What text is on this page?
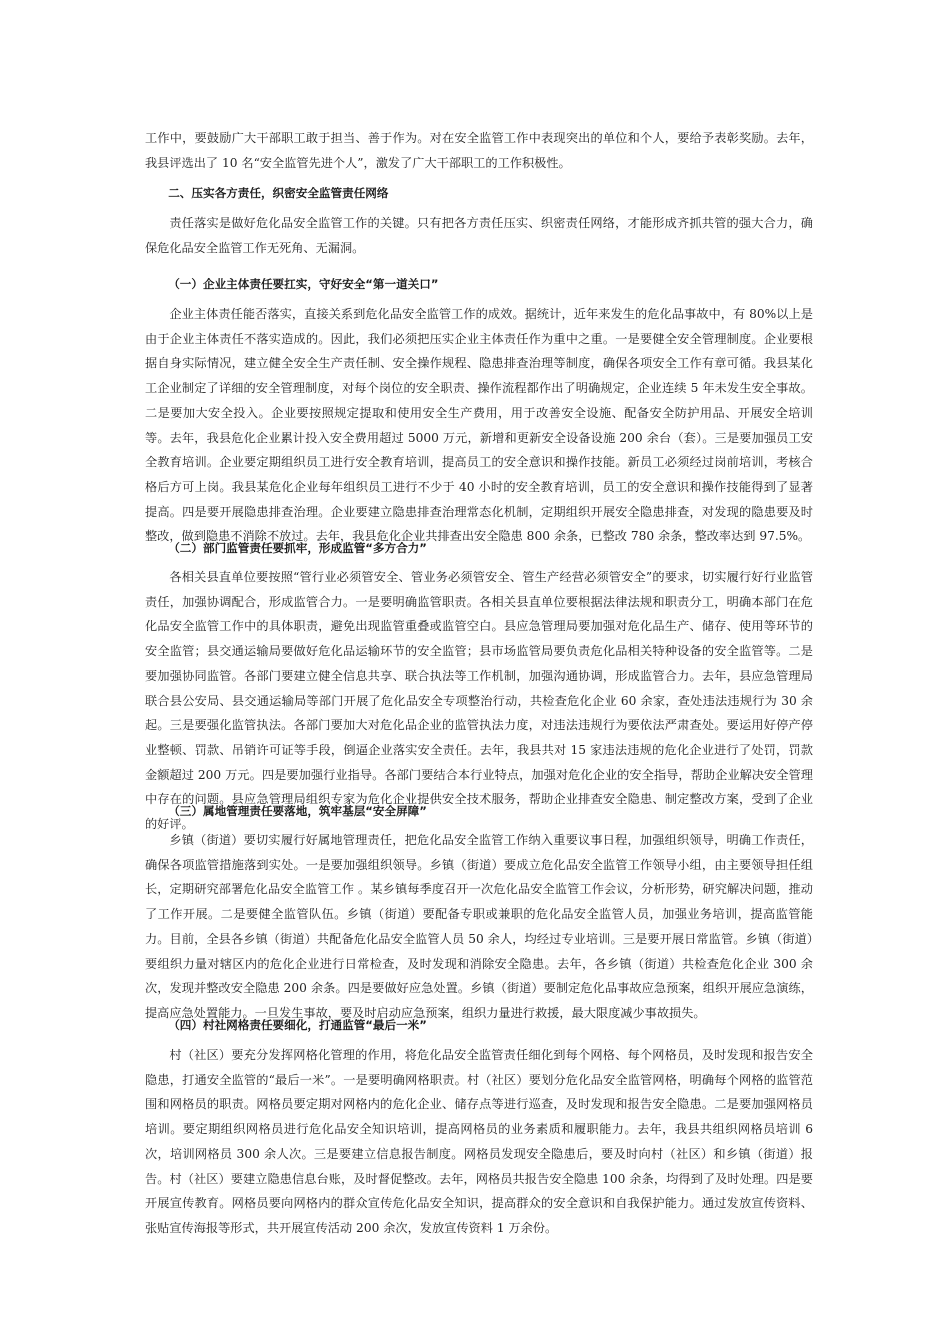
工作中，要鼓励广大干部职工敢于担当、善于作为。对在安全监管工作中表现突出的单位和个人，要给予表彰奖励。去年，我县评选出了 10 名“安全监管先进个人”，激发了广大干部职工的工作积极性。

二、压实各方责任，织密安全监管责任网络

责任落实是做好危化品安全监管工作的关键。只有把各方责任压实、织密责任网络，才能形成齐抓共管的强大合力，确保危化品安全监管工作无死角、无漏洞。

（一）企业主体责任要扛实，守好安全“第一道关口”

企业主体责任能否落实，直接关系到危化品安全监管工作的成效。据统计，近年来发生的危化品事故中，有 80%以上是由于企业主体责任不落实造成的。因此，我们必须把压实企业主体责任作为重中之重。一是要健全安全管理制度。企业要根据自身实际情况，建立健全安全生产责任制、安全操作规程、隐患排查治理等制度，确保各项安全工作有章可循。我县某化工企业制定了详细的安全管理制度，对每个岗位的安全职责、操作流程都作出了明确规定，企业连续 5 年未发生安全事故。二是要加大安全投入。企业要按照规定提取和使用安全生产费用，用于改善安全设施、配备安全防护用品、开展安全培训等。去年，我县危化企业累计投入安全费用超过 5000 万元，新增和更新安全设备设施 200 余台（套）。三是要加强员工安全教育培训。企业要定期组织员工进行安全教育培训，提高员工的安全意识和操作技能。新员工必须经过岗前培训，考核合格后方可上岗。我县某危化企业每年组织员工进行不少于 40 小时的安全教育培训，员工的安全意识和操作技能得到了显著提高。四是要开展隐患排查治理。企业要建立隐患排查治理常态化机制，定期组织开展安全隐患排查，对发现的隐患要及时整改，做到隐患不消除不放过。去年，我县危化企业共排查出安全隐患 800 余条，已整改 780 余条，整改率达到 97.5%。

（二）部门监管责任要抓牢，形成监管“多方合力”

各相关县直单位要按照“管行业必须管安全、管业务必须管安全、管生产经营必须管安全”的要求，切实履行好行业监管责任，加强协调配合，形成监管合力。一是要明确监管职责。各相关县直单位要根据法律法规和职责分工，明确本部门在危化品安全监管工作中的具体职责，避免出现监管重叠或监管空白。县应急管理局要加强对危化品生产、储存、使用等环节的安全监管；县交通运输局要做好危化品运输环节的安全监管；县市场监管局要负责危化品相关特种设备的安全监管等。二是要加强协同监管。各部门要建立健全信息共享、联合执法等工作机制，加强沟通协调，形成监管合力。去年，县应急管理局联合县公安局、县交通运输局等部门开展了危化品安全专项整治行动，共检查危化企业 60 余家，查处违法违规行为 30 余起。三是要强化监管执法。各部门要加大对危化品企业的监管执法力度，对违法违规行为要依法严肃查处。要运用好停产停业整顿、罚款、吊销许可证等手段，倒逼企业落实安全责任。去年，我县共对 15 家违法违规的危化企业进行了处罚，罚款金额超过 200 万元。四是要加强行业指导。各部门要结合本行业特点，加强对危化企业的安全指导，帮助企业解决安全管理中存在的问题。县应急管理局组织专家为危化企业提供安全技术服务，帮助企业排查安全隐患、制定整改方案，受到了企业的好评。

（三）属地管理责任要落地，筑牢基层“安全屏障”

乡镇（街道）要切实履行好属地管理责任，把危化品安全监管工作纳入重要议事日程，加强组织领导，明确工作责任，确保各项监管措施落到实处。一是要加强组织领导。乡镇（街道）要成立危化品安全监管工作领导小组，由主要领导担任组长，定期研究部署危化品安全监管工作 。某乡镇每季度召开一次危化品安全监管工作会议，分析形势，研究解决问题，推动了工作开展。二是要健全监管队伍。乡镇（街道）要配备专职或兼职的危化品安全监管人员，加强业务培训，提高监管能力。目前，全县各乡镇（街道）共配备危化品安全监管人员 50 余人，均经过专业培训。三是要开展日常监管。乡镇（街道）要组织力量对辖区内的危化企业进行日常检查，及时发现和消除安全隐患。去年，各乡镇（街道）共检查危化企业 300 余次，发现并整改安全隐患 200 余条。四是要做好应急处置。乡镇（街道）要制定危化品事故应急预案，组织开展应急演练，提高应急处置能力。一旦发生事故，要及时启动应急预案，组织力量进行救援，最大限度减少事故损失。

（四）村社网格责任要细化，打通监管“最后一米”

村（社区）要充分发挥网格化管理的作用，将危化品安全监管责任细化到每个网格、每个网格员，及时发现和报告安全隐患，打通安全监管的“最后一米”。一是要明确网格职责。村（社区）要划分危化品安全监管网格，明确每个网格的监管范围和网格员的职责。网格员要定期对网格内的危化企业、储存点等进行巡查，及时发现和报告安全隐患。二是要加强网格员培训。要定期组织网格员进行危化品安全知识培训，提高网格员的业务素质和履职能力。去年，我县共组织网格员培训 6 次，培训网格员 300 余人次。三是要建立信息报告制度。网格员发现安全隐患后，要及时向村（社区）和乡镇（街道）报告。村（社区）要建立隐患信息台账，及时督促整改。去年，网格员共报告安全隐患 100 余条，均得到了及时处理。四是要开展宣传教育。网格员要向网格内的群众宣传危化品安全知识，提高群众的安全意识和自我保护能力。通过发放宣传资料、张贴宣传海报等形式，共开展宣传活动 200 余次，发放宣传资料 1 万余份。
